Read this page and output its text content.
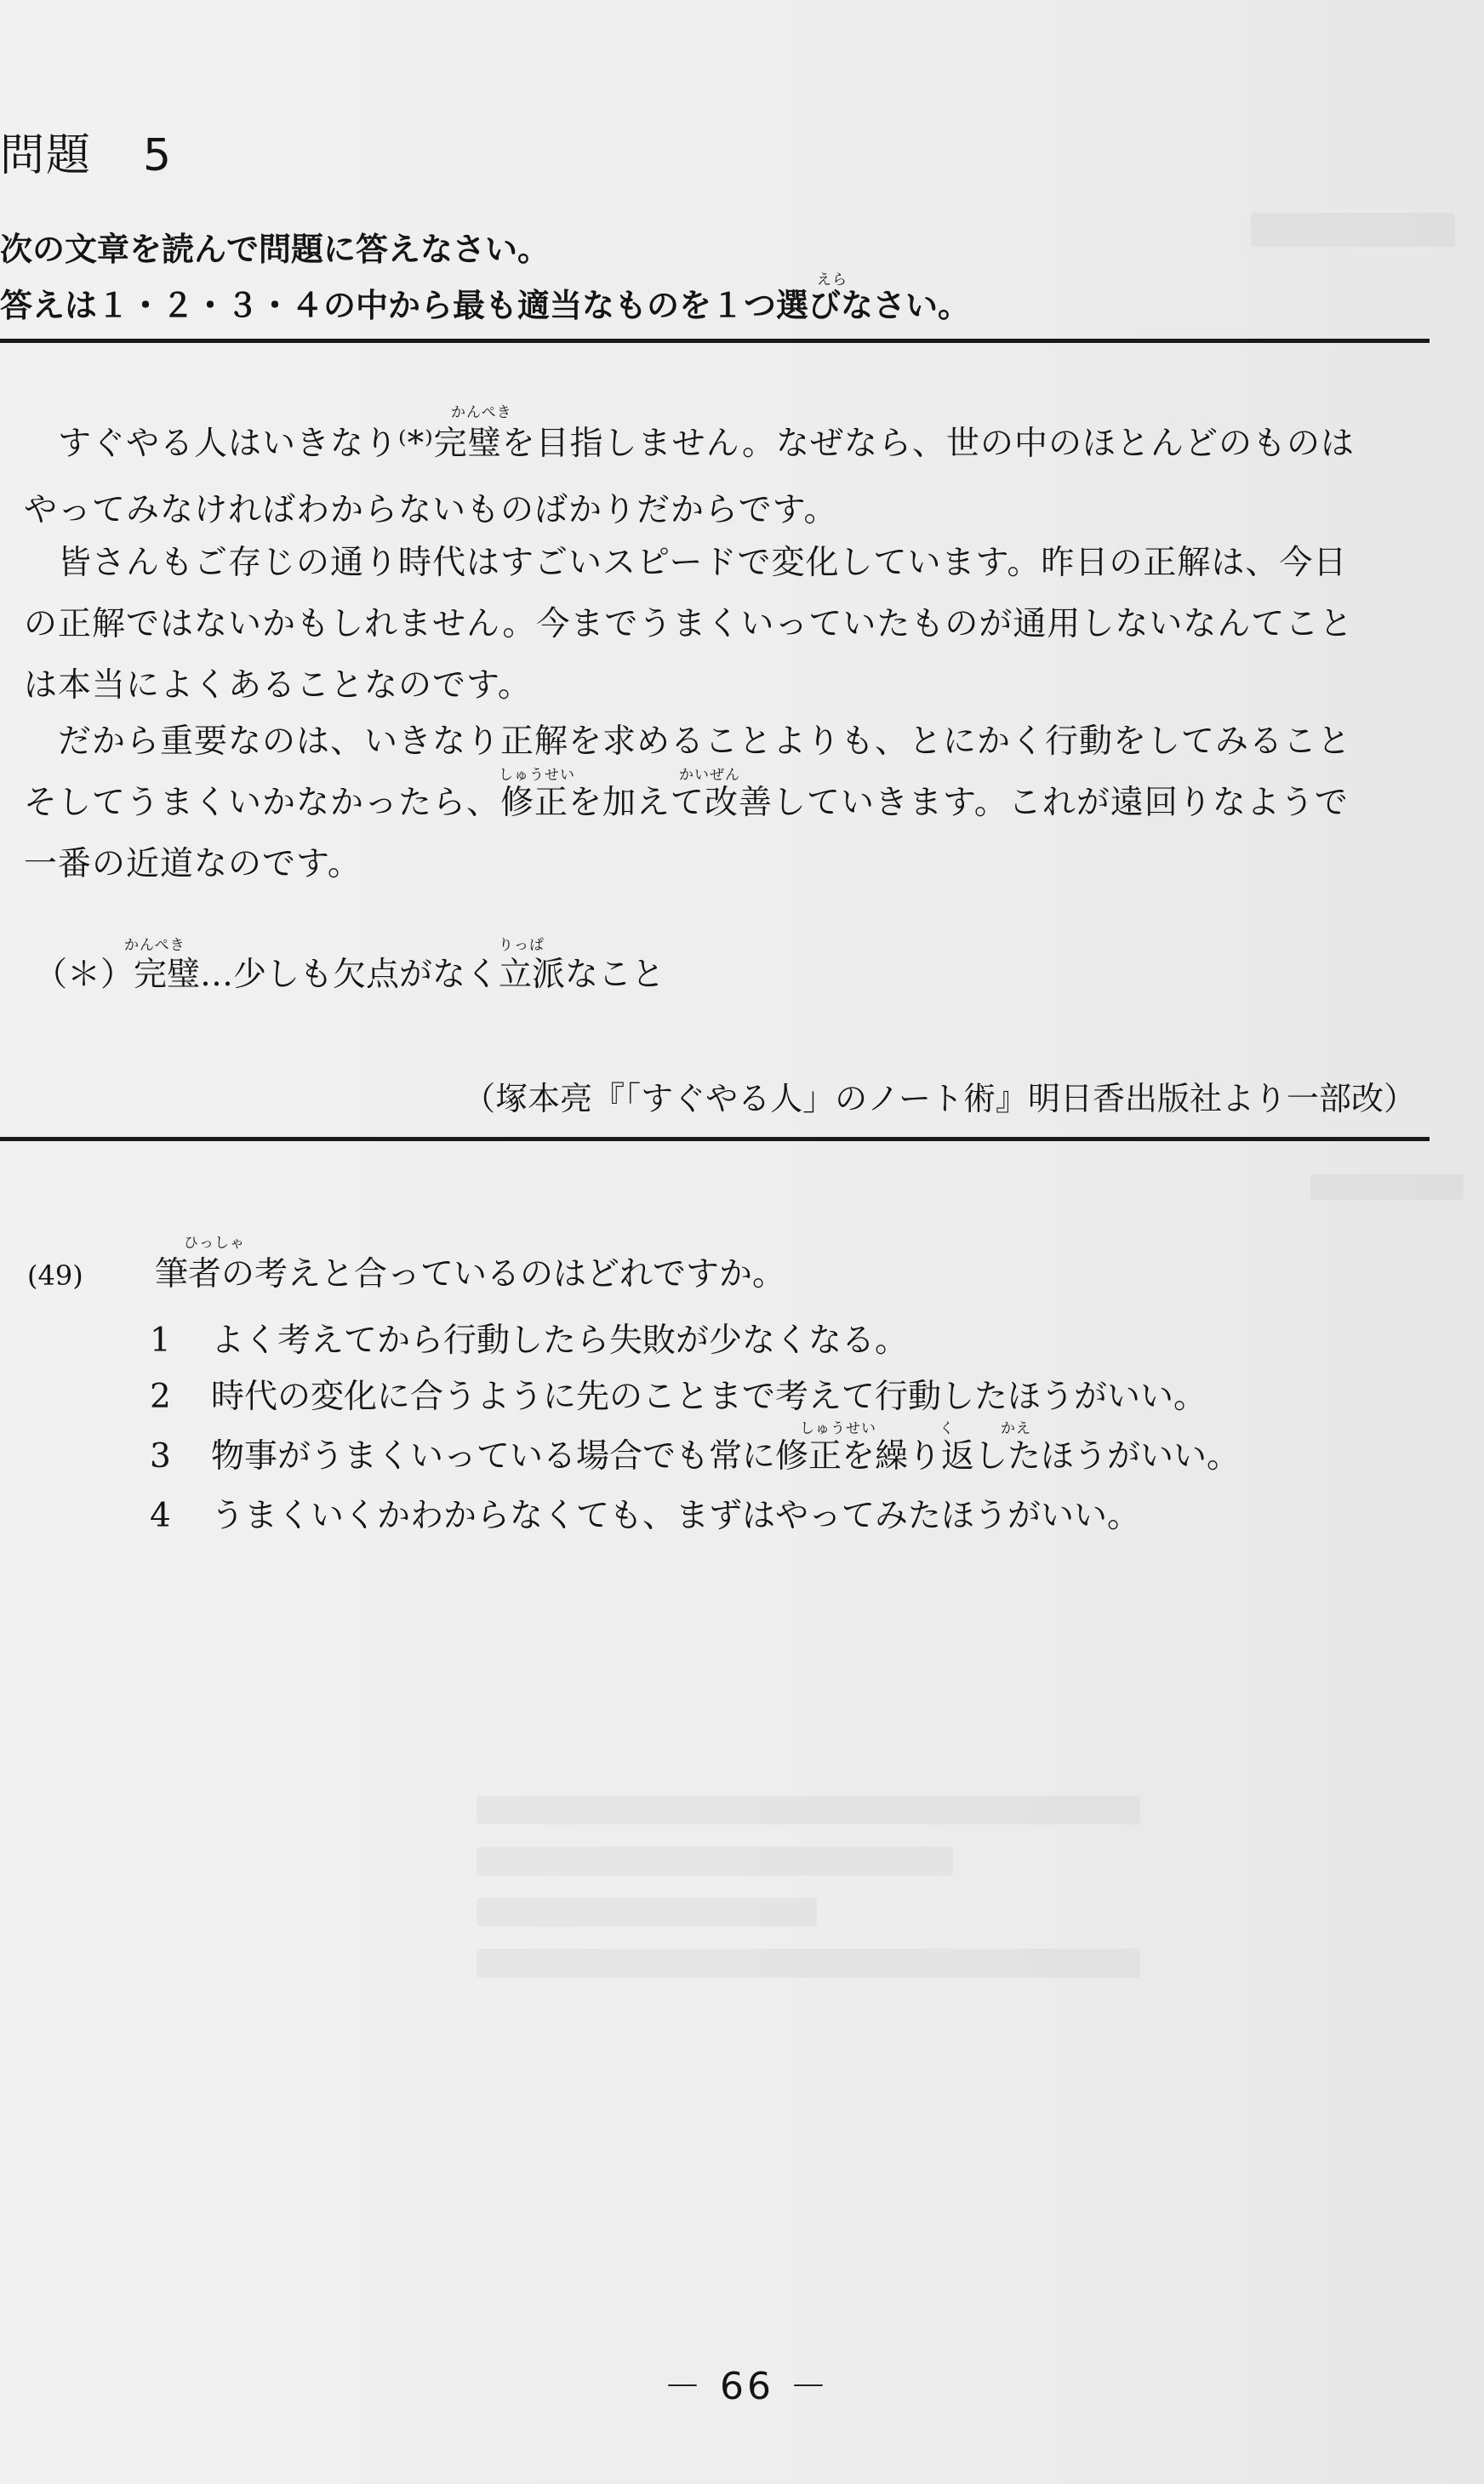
問題 5
次の文章を読んで問題に答えなさい。
えら
答えは１・２・３・４の中から最も適当なものを１つ選びなさい。
かんぺき
　すぐやる人はいきなり⁽*⁾完璧を目指しません。なぜなら、世の中のほとんどのものは
やってみなければわからないものばかりだからです。
　皆さんもご存じの通り時代はすごいスピードで変化しています。昨日の正解は、今日
の正解ではないかもしれません。今までうまくいっていたものが通用しないなんてこと
は本当によくあることなのです。
　だから重要なのは、いきなり正解を求めることよりも、とにかく行動をしてみること
しゅうせい	かいぜん
そしてうまくいかなかったら、修正を加えて改善していきます。これが遠回りなようで
一番の近道なのです。
かんぺき	りっぱ
（＊）完璧…少しも欠点がなく立派なこと
（塚本亮『「すぐやる人」のノート術』明日香出版社より一部改）
ひっしゃ
(49) 筆者の考えと合っているのはどれですか。
1 よく考えてから行動したら失敗が少なくなる。
2 時代の変化に合うように先のことまで考えて行動したほうがいい。
しゅうせい	く	かえ
3 物事がうまくいっている場合でも常に修正を繰り返したほうがいい。
4 うまくいくかわからなくても、まずはやってみたほうがいい。
－ 66 －
